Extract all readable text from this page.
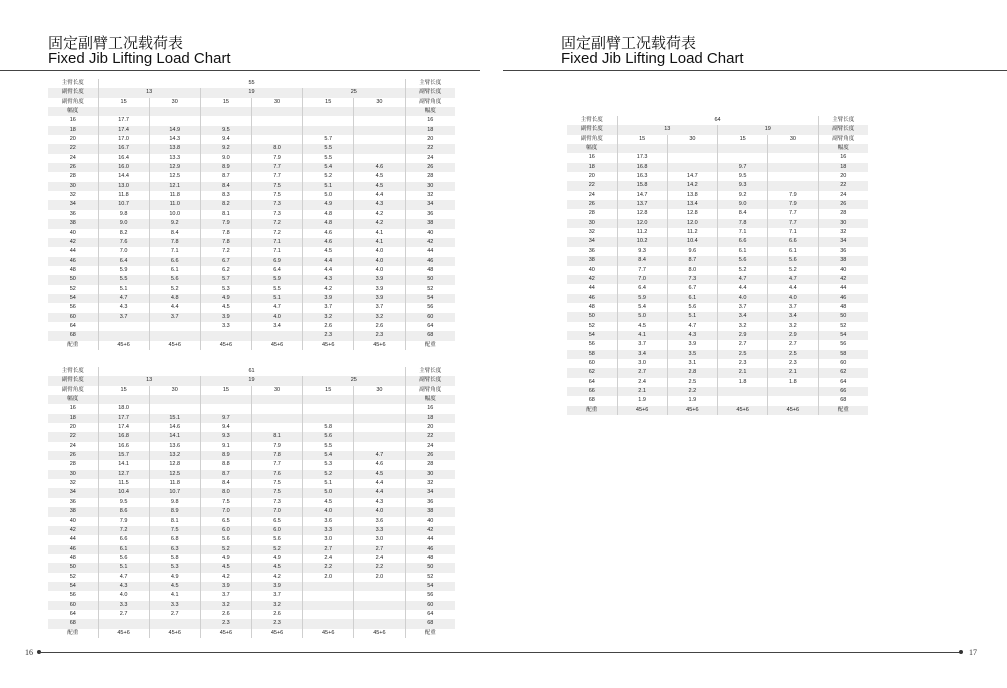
固定副臂工况载荷表
Fixed Jib Lifting Load Chart
固定副臂工况载荷表
Fixed Jib Lifting Load Chart
主臂长度	55						主臂长度
副臂长度	13		19		25		副臂长度
副臂角度	15	30	15	30	15	30	副臂角度
幅度							幅度
16	17.7						16
18	17.4	14.9	9.5				18
20	17.0	14.3	9.4		5.7		20
22	16.7	13.8	9.2	8.0	5.5		22
24	16.4	13.3	9.0	7.9	5.5		24
26	16.0	12.9	8.9	7.7	5.4	4.6	26
28	14.4	12.5	8.7	7.7	5.2	4.5	28
30	13.0	12.1	8.4	7.5	5.1	4.5	30
32	11.8	11.8	8.3	7.5	5.0	4.4	32
34	10.7	11.0	8.2	7.3	4.9	4.3	34
36	9.8	10.0	8.1	7.3	4.8	4.2	36
38	9.0	9.2	7.9	7.2	4.8	4.2	38
40	8.2	8.4	7.8	7.2	4.6	4.1	40
42	7.6	7.8	7.8	7.1	4.6	4.1	42
44	7.0	7.1	7.2	7.1	4.5	4.0	44
46	6.4	6.6	6.7	6.9	4.4	4.0	46
48	5.9	6.1	6.2	6.4	4.4	4.0	48
50	5.5	5.6	5.7	5.9	4.3	3.9	50
52	5.1	5.2	5.3	5.5	4.2	3.9	52
54	4.7	4.8	4.9	5.1	3.9	3.9	54
56	4.3	4.4	4.5	4.7	3.7	3.7	56
60	3.7	3.7	3.9	4.0	3.2	3.2	60
64			3.3	3.4	2.6	2.6	64
68					2.3	2.3	68
配重	45+6	45+6	45+6	45+6	45+6	45+6	配重
主臂长度	61						主臂长度
副臂长度	13		19		25		副臂长度
副臂角度	15	30	15	30	15	30	副臂角度
幅度							幅度
16	18.0						16
18	17.7	15.1	9.7				18
20	17.4	14.6	9.4		5.8		20
22	16.8	14.1	9.3	8.1	5.6		22
24	16.6	13.6	9.1	7.9	5.5		24
26	15.7	13.2	8.9	7.8	5.4	4.7	26
28	14.1	12.8	8.8	7.7	5.3	4.6	28
30	12.7	12.5	8.7	7.6	5.2	4.5	30
32	11.5	11.8	8.4	7.5	5.1	4.4	32
34	10.4	10.7	8.0	7.5	5.0	4.4	34
36	9.5	9.8	7.5	7.3	4.5	4.3	36
38	8.6	8.9	7.0	7.0	4.0	4.0	38
40	7.9	8.1	6.5	6.5	3.6	3.6	40
42	7.2	7.5	6.0	6.0	3.3	3.3	42
44	6.6	6.8	5.6	5.6	3.0	3.0	44
46	6.1	6.3	5.2	5.2	2.7	2.7	46
48	5.6	5.8	4.9	4.9	2.4	2.4	48
50	5.1	5.3	4.5	4.5	2.2	2.2	50
52	4.7	4.9	4.2	4.2	2.0	2.0	52
54	4.3	4.5	3.9	3.9			54
56	4.0	4.1	3.7	3.7			56
60	3.3	3.3	3.2	3.2			60
64	2.7	2.7	2.6	2.6			64
68			2.3	2.3			68
配重	45+6	45+6	45+6	45+6	45+6	45+6	配重
主臂长度	64				主臂长度
副臂长度	13		19		副臂长度
副臂角度	15	30	15	30	副臂角度
幅度					幅度
16	17.3				16
18	16.8		9.7		18
20	16.3	14.7	9.5		20
22	15.8	14.2	9.3		22
24	14.7	13.8	9.2	7.9	24
26	13.7	13.4	9.0	7.9	26
28	12.8	12.8	8.4	7.7	28
30	12.0	12.0	7.8	7.7	30
32	11.2	11.2	7.1	7.1	32
34	10.2	10.4	6.6	6.6	34
36	9.3	9.6	6.1	6.1	36
38	8.4	8.7	5.6	5.6	38
40	7.7	8.0	5.2	5.2	40
42	7.0	7.3	4.7	4.7	42
44	6.4	6.7	4.4	4.4	44
46	5.9	6.1	4.0	4.0	46
48	5.4	5.6	3.7	3.7	48
50	5.0	5.1	3.4	3.4	50
52	4.5	4.7	3.2	3.2	52
54	4.1	4.3	2.9	2.9	54
56	3.7	3.9	2.7	2.7	56
58	3.4	3.5	2.5	2.5	58
60	3.0	3.1	2.3	2.3	60
62	2.7	2.8	2.1	2.1	62
64	2.4	2.5	1.8	1.8	64
66	2.1	2.2			66
68	1.9	1.9			68
配重	45+6	45+6	45+6	45+6	配重
16	17
